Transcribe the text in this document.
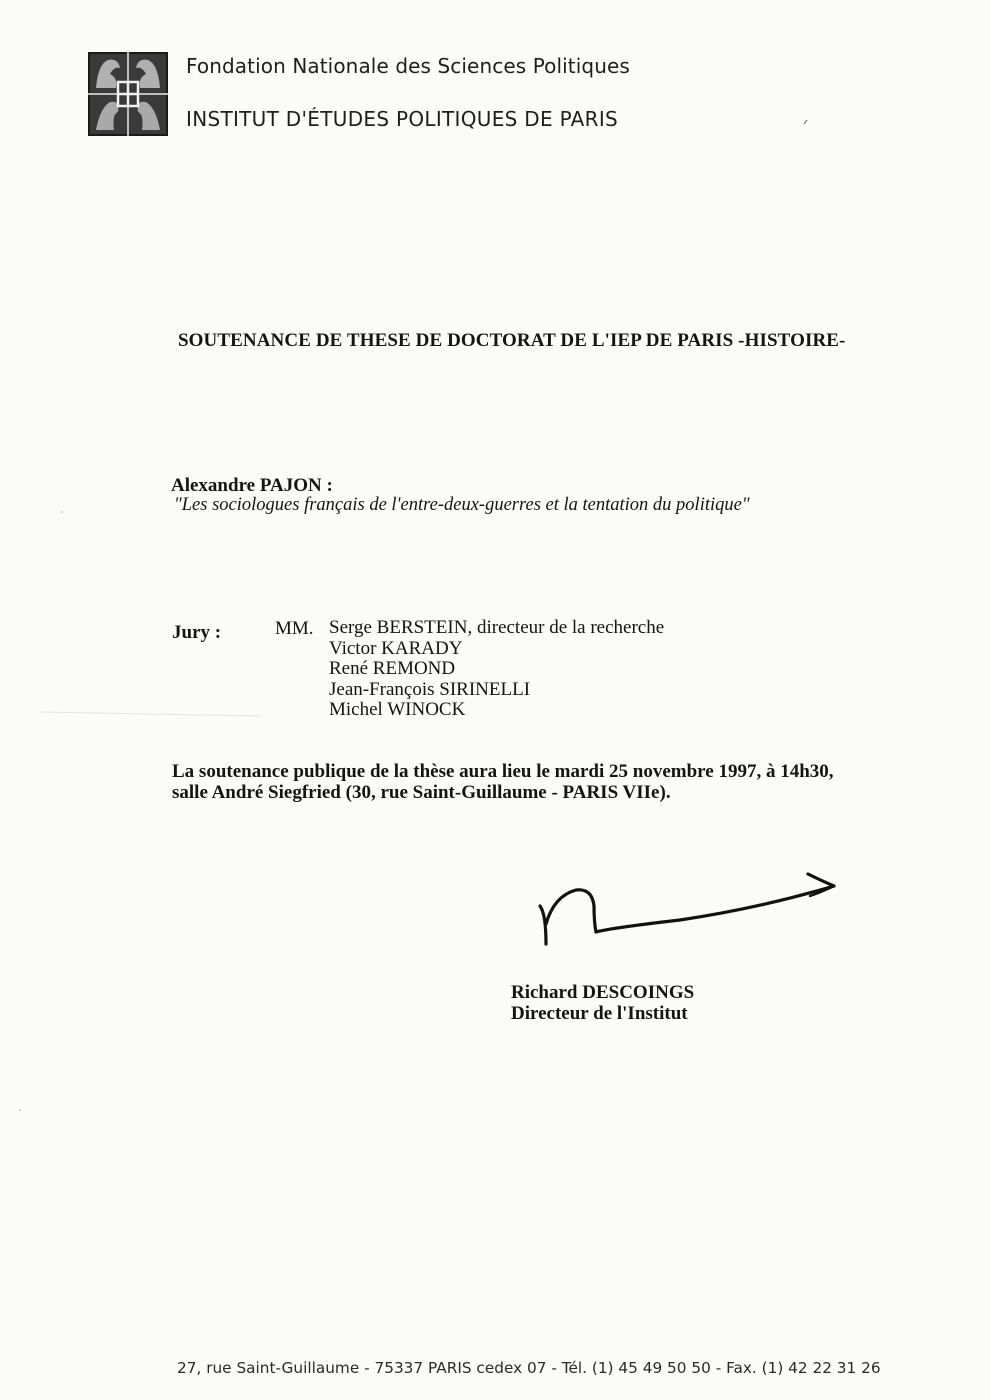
Fondation Nationale des Sciences Politiques
INSTITUT D'ÉTUDES POLITIQUES DE PARIS
SOUTENANCE DE THESE DE DOCTORAT DE L'IEP DE PARIS -HISTOIRE-
Alexandre PAJON :
"Les sociologues français de l'entre-deux-guerres et la tentation du politique"
Jury :	MM. Serge BERSTEIN, directeur de la recherche
Victor KARADY
René REMOND
Jean-François SIRINELLI
Michel WINOCK
La soutenance publique de la thèse aura lieu le mardi 25 novembre 1997, à 14h30,
salle André Siegfried (30, rue Saint-Guillaume - PARIS VIIe).
Richard DESCOINGS
Directeur de l'Institut
27, rue Saint-Guillaume - 75337 PARIS cedex 07 - Tél. (1) 45 49 50 50 - Fax. (1) 42 22 31 26
